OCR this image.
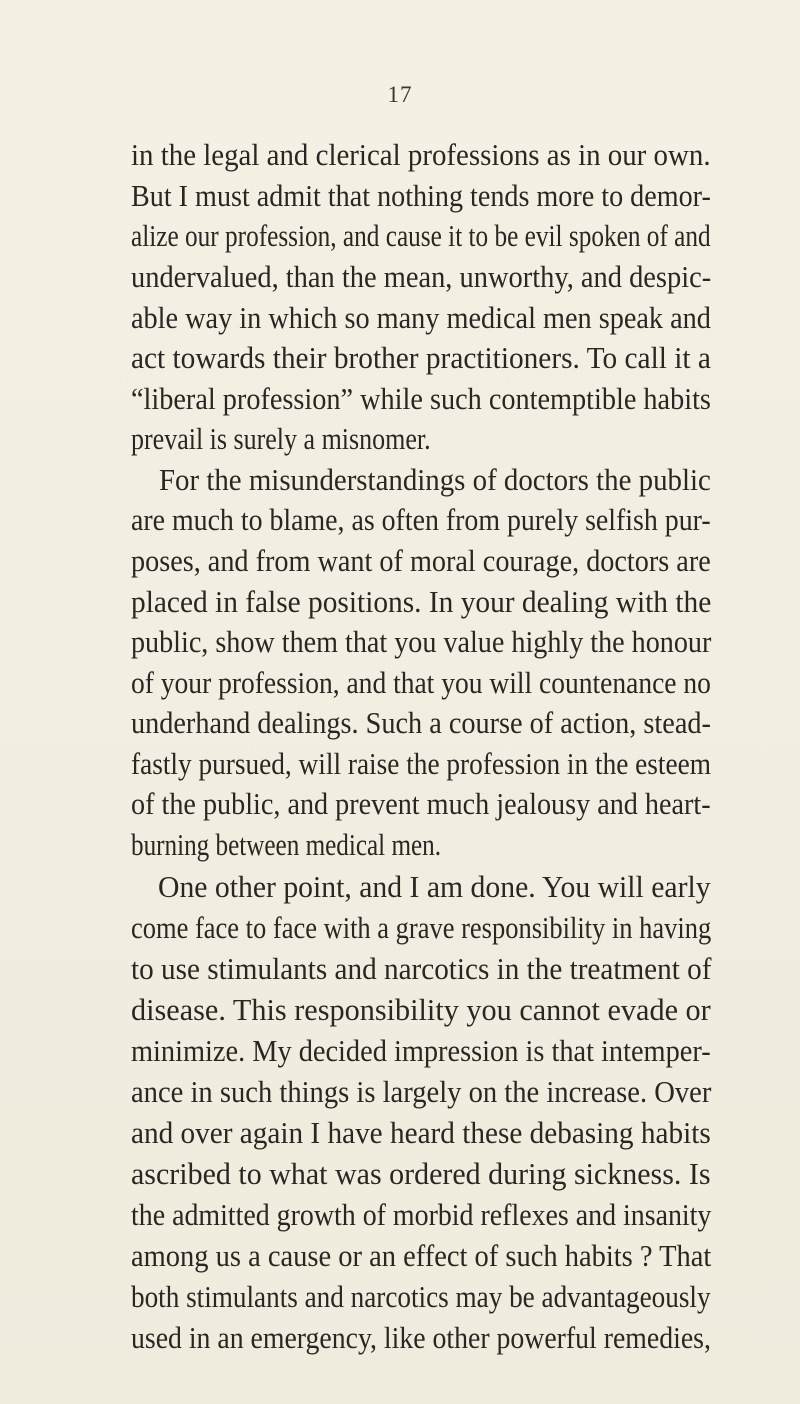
17
in the legal and clerical professions as in our own.
But I must admit that nothing tends more to demor-
alize our profession, and cause it to be evil spoken of and
undervalued, than the mean, unworthy, and despic-
able way in which so many medical men speak and
act towards their brother practitioners. To call it a
“liberal profession” while such contemptible habits
prevail is surely a misnomer.
For the misunderstandings of doctors the public
are much to blame, as often from purely selfish pur-
poses, and from want of moral courage, doctors are
placed in false positions. In your dealing with the
public, show them that you value highly the honour
of your profession, and that you will countenance no
underhand dealings. Such a course of action, stead-
fastly pursued, will raise the profession in the esteem
of the public, and prevent much jealousy and heart-
burning between medical men.
One other point, and I am done. You will early
come face to face with a grave responsibility in having
to use stimulants and narcotics in the treatment of
disease. This responsibility you cannot evade or
minimize. My decided impression is that intemper-
ance in such things is largely on the increase. Over
and over again I have heard these debasing habits
ascribed to what was ordered during sickness. Is
the admitted growth of morbid reflexes and insanity
among us a cause or an effect of such habits ? That
both stimulants and narcotics may be advantageously
used in an emergency, like other powerful remedies,
